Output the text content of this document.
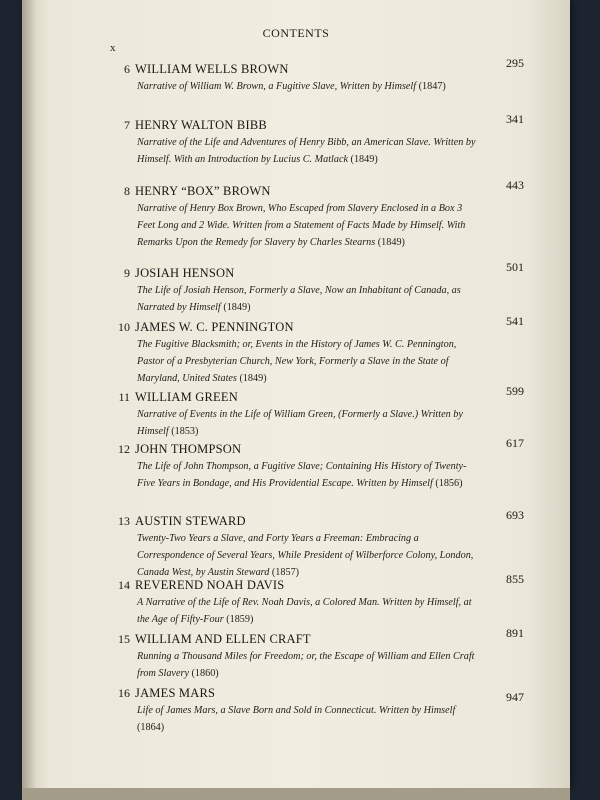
CONTENTS
x
6 WILLIAM WELLS BROWN	295
Narrative of William W. Brown, a Fugitive Slave, Written by Himself (1847)
7 HENRY WALTON BIBB	341
Narrative of the Life and Adventures of Henry Bibb, an American Slave. Written by Himself. With an Introduction by Lucius C. Matlack (1849)
8 HENRY “BOX” BROWN	443
Narrative of Henry Box Brown, Who Escaped from Slavery Enclosed in a Box 3 Feet Long and 2 Wide. Written from a Statement of Facts Made by Himself. With Remarks Upon the Remedy for Slavery by Charles Stearns (1849)
9 JOSIAH HENSON	501
The Life of Josiah Henson, Formerly a Slave, Now an Inhabitant of Canada, as Narrated by Himself (1849)
10 JAMES W. C. PENNINGTON	541
The Fugitive Blacksmith; or, Events in the History of James W. C. Pennington, Pastor of a Presbyterian Church, New York, Formerly a Slave in the State of Maryland, United States (1849)
11 WILLIAM GREEN	599
Narrative of Events in the Life of William Green, (Formerly a Slave.) Written by Himself (1853)
12 JOHN THOMPSON	617
The Life of John Thompson, a Fugitive Slave; Containing His History of Twenty-Five Years in Bondage, and His Providential Escape. Written by Himself (1856)
13 AUSTIN STEWARD	693
Twenty-Two Years a Slave, and Forty Years a Freeman: Embracing a Correspondence of Several Years, While President of Wilberforce Colony, London, Canada West, by Austin Steward (1857)
14 REVEREND NOAH DAVIS	855
A Narrative of the Life of Rev. Noah Davis, a Colored Man. Written by Himself, at the Age of Fifty-Four (1859)
15 WILLIAM AND ELLEN CRAFT	891
Running a Thousand Miles for Freedom; or, the Escape of William and Ellen Craft from Slavery (1860)
16 JAMES MARS	947
Life of James Mars, a Slave Born and Sold in Connecticut. Written by Himself (1864)
